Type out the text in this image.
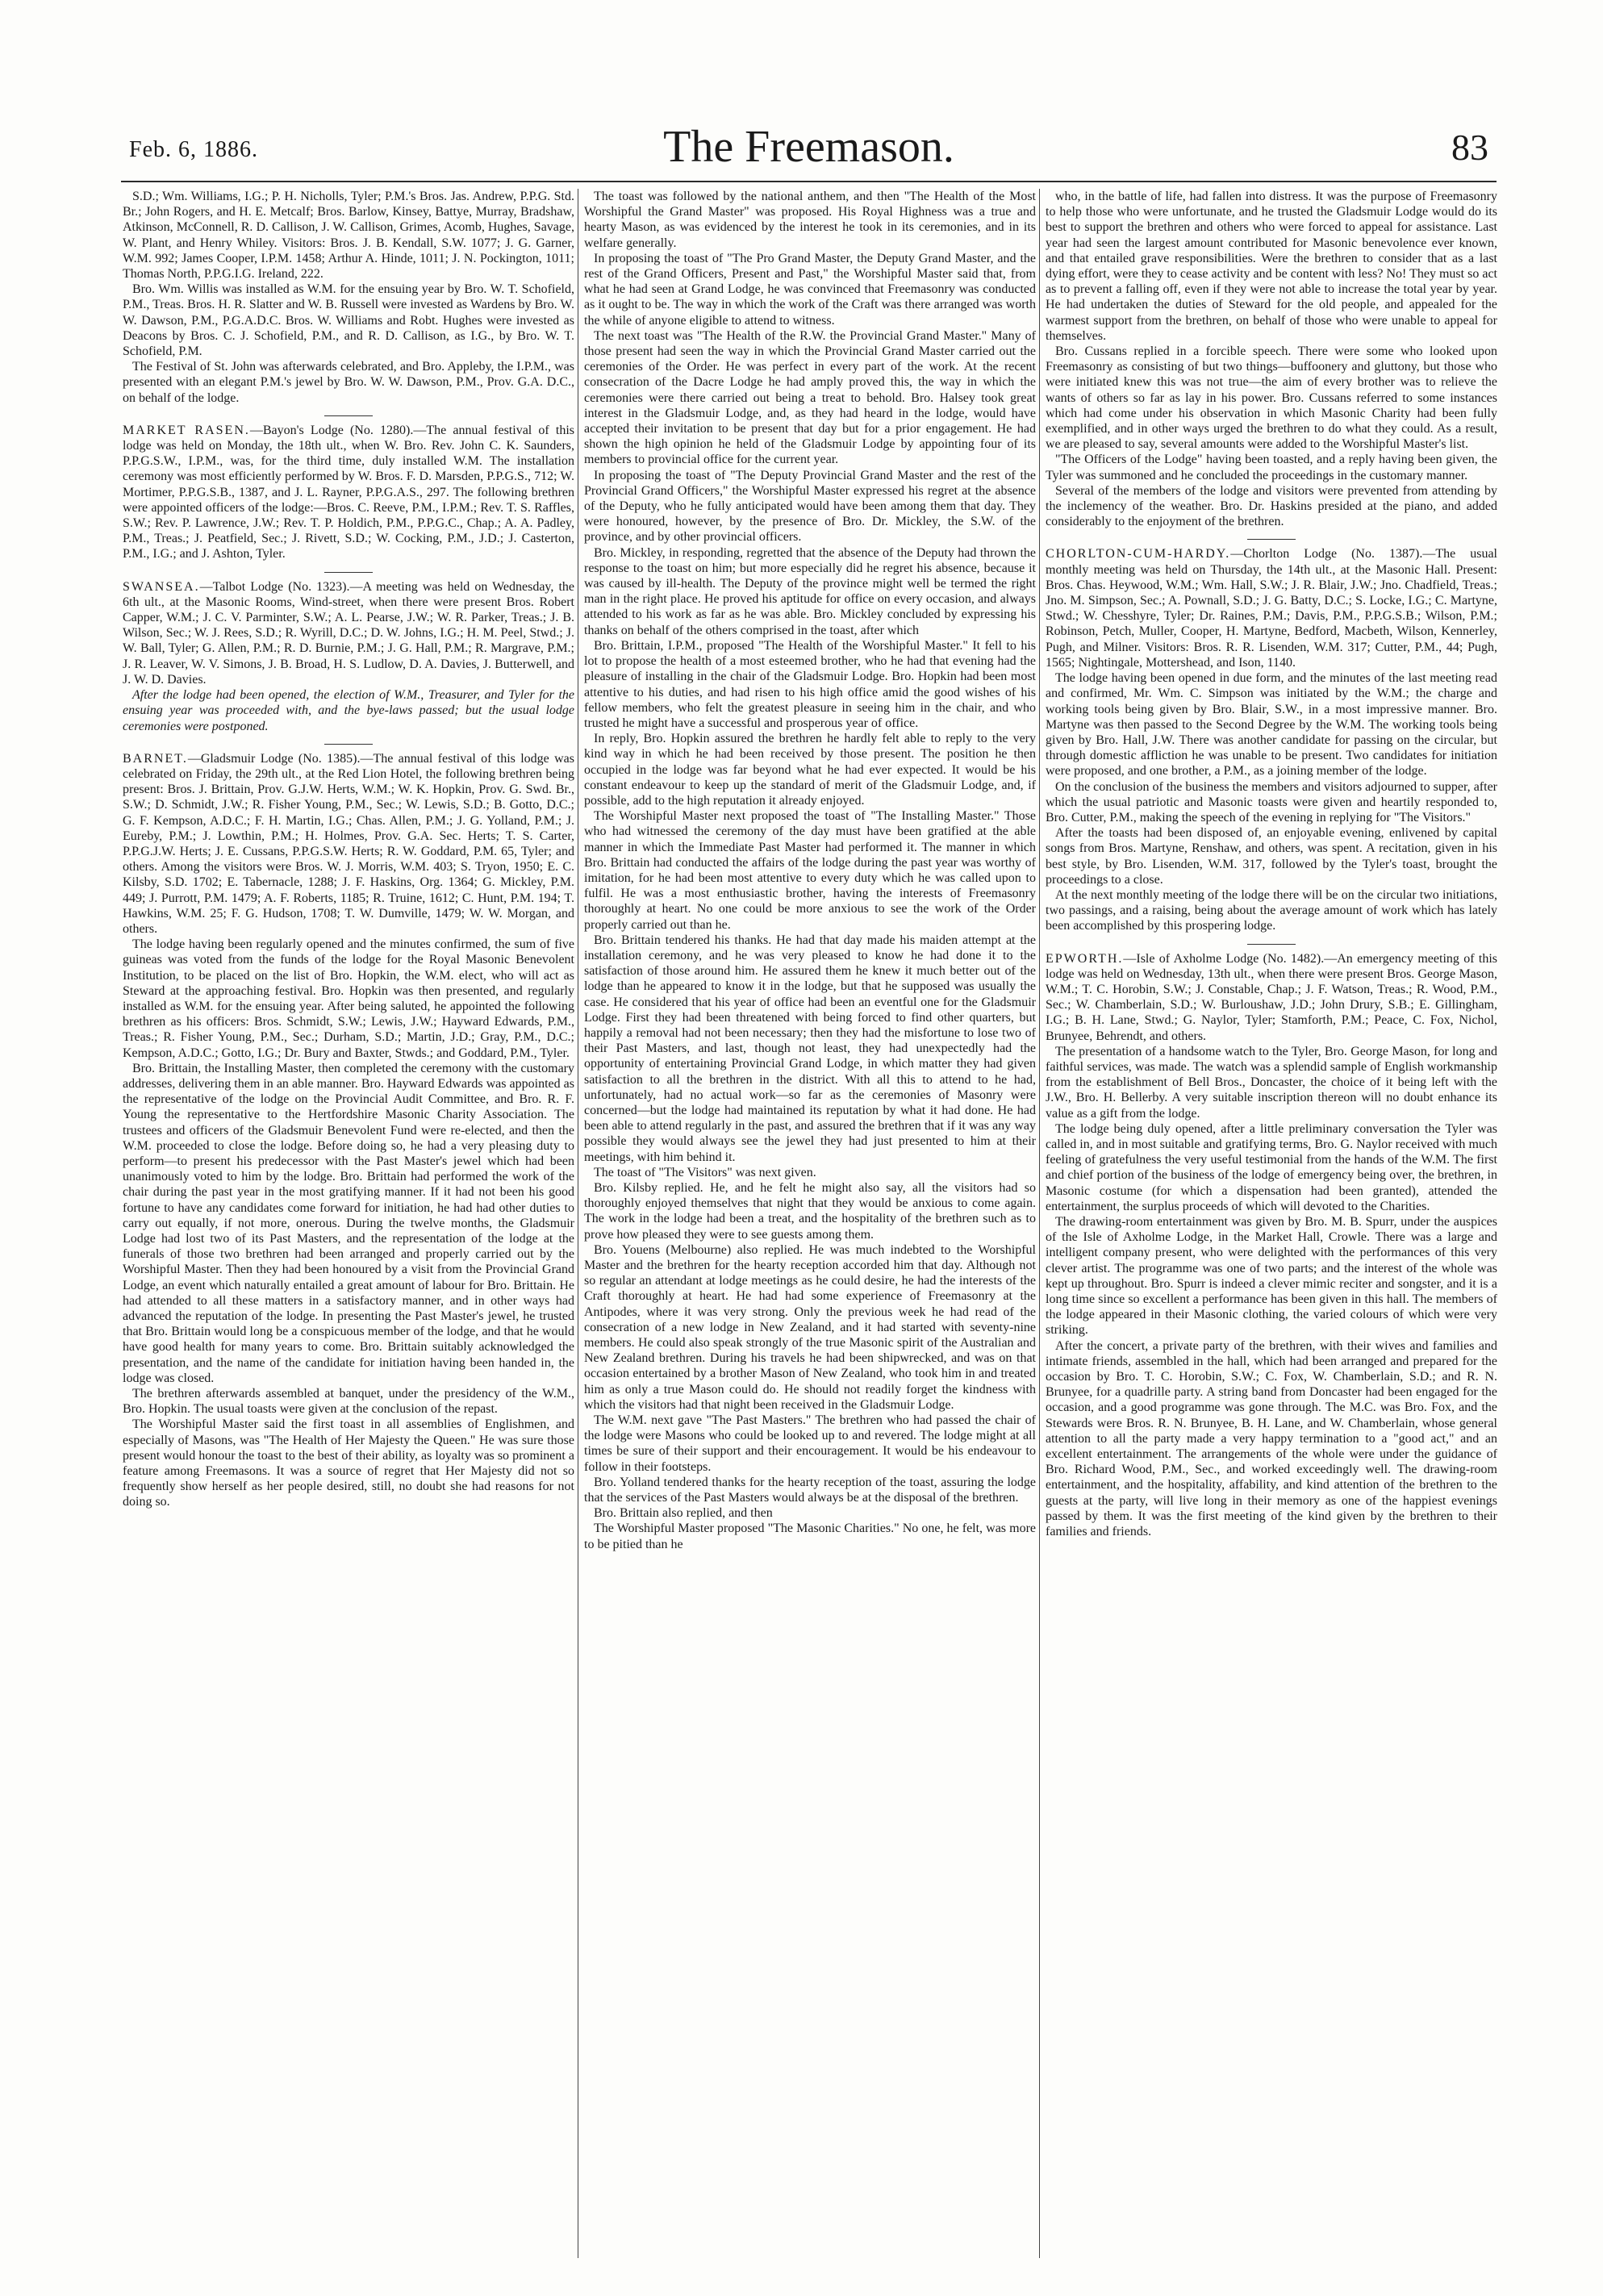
Feb. 6, 1886.	The Freemason.	83

S.D.; Wm. Williams, I.G.; P. H. Nicholls, Tyler; P.M.'s Bros. Jas. Andrew, P.P.G. Std. Br.; John Rogers, and H. E. Metcalf; Bros. Barlow, Kinsey, Battye, Murray, Bradshaw, Atkinson, McConnell, R. D. Callison, J. W. Callison, Grimes, Acomb, Hughes, Savage, W. Plant, and Henry Whiley. Visitors: Bros. J. B. Kendall, S.W. 1077; J. G. Garner, W.M. 992; James Cooper, I.P.M. 1458; Arthur A. Hinde, 1011; J. N. Pockington, 1011; Thomas North, P.P.G.I.G. Ireland, 222.

Bro. Wm. Willis was installed as W.M. for the ensuing year by Bro. W. T. Schofield, P.M., Treas. Bros. H. R. Slatter and W. B. Russell were invested as Wardens by Bro. W. W. Dawson, P.M., P.G.A.D.C. Bros. W. Williams and Robt. Hughes were invested as Deacons by Bros. C. J. Schofield, P.M., and R. D. Callison, as I.G., by Bro. W. T. Schofield, P.M.

The Festival of St. John was afterwards celebrated, and Bro. Appleby, the I.P.M., was presented with an elegant P.M.'s jewel by Bro. W. W. Dawson, P.M., Prov. G.A. D.C., on behalf of the lodge.

MARKET RASEN.—Bayon's Lodge (No. 1280).—The annual festival of this lodge was held on Monday, the 18th ult., when W. Bro. Rev. John C. K. Saunders, P.P.G.S.W., I.P.M., was, for the third time, duly installed W.M. The installation ceremony was most efficiently performed by W. Bros. F. D. Marsden, P.P.G.S., 712; W. Mortimer, P.P.G.S.B., 1387, and J. L. Rayner, P.P.G.A.S., 297. The following brethren were appointed officers of the lodge:—Bros. C. Reeve, P.M., I.P.M.; Rev. T. S. Raffles, S.W.; Rev. P. Lawrence, J.W.; Rev. T. P. Holdich, P.M., P.P.G.C., Chap.; A. A. Padley, P.M., Treas.; J. Peatfield, Sec.; J. Rivett, S.D.; W. Cocking, P.M., J.D.; J. Casterton, P.M., I.G.; and J. Ashton, Tyler.

SWANSEA.—Talbot Lodge (No. 1323).—A meeting was held on Wednesday, the 6th ult., at the Masonic Rooms, Wind-street, when there were present Bros. Robert Capper, W.M.; J. C. V. Parminter, S.W.; A. L. Pearse, J.W.; W. R. Parker, Treas.; J. B. Wilson, Sec.; W. J. Rees, S.D.; R. Wyrill, D.C.; D. W. Johns, I.G.; H. M. Peel, Stwd.; J. W. Ball, Tyler; G. Allen, P.M.; R. D. Burnie, P.M.; J. G. Hall, P.M.; R. Margrave, P.M.; J. R. Leaver, W. V. Simons, J. B. Broad, H. S. Ludlow, D. A. Davies, J. Butterwell, and J. W. D. Davies.

After the lodge had been opened, the election of W.M., Treasurer, and Tyler for the ensuing year was proceeded with, and the bye-laws passed; but the usual lodge ceremonies were postponed.

BARNET.—Gladsmuir Lodge (No. 1385).—The annual festival of this lodge was celebrated on Friday, the 29th ult., at the Red Lion Hotel, the following brethren being present: Bros. J. Brittain, Prov. G.J.W. Herts, W.M.; W. K. Hopkin, Prov. G. Swd. Br., S.W.; D. Schmidt, J.W.; R. Fisher Young, P.M., Sec.; W. Lewis, S.D.; B. Gotto, D.C.; G. F. Kempson, A.D.C.; F. H. Martin, I.G.; Chas. Allen, P.M.; J. G. Yolland, P.M.; J. Eureby, P.M.; J. Lowthin, P.M.; H. Holmes, Prov. G.A. Sec. Herts; T. S. Carter, P.P.G.J.W. Herts; J. E. Cussans, P.P.G.S.W. Herts; R. W. Goddard, P.M. 65, Tyler; and others. Among the visitors were Bros. W. J. Morris, W.M. 403; S. Tryon, 1950; E. C. Kilsby, S.D. 1702; E. Tabernacle, 1288; J. F. Haskins, Org. 1364; G. Mickley, P.M. 449; J. Purrott, P.M. 1479; A. F. Roberts, 1185; R. Truine, 1612; C. Hunt, P.M. 194; T. Hawkins, W.M. 25; F. G. Hudson, 1708; T. W. Dumville, 1479; W. W. Morgan, and others.

The lodge having been regularly opened and the minutes confirmed, the sum of five guineas was voted from the funds of the lodge for the Royal Masonic Benevolent Institution, to be placed on the list of Bro. Hopkin, the W.M. elect, who will act as Steward at the approaching festival. Bro. Hopkin was then presented, and regularly installed as W.M. for the ensuing year. After being saluted, he appointed the following brethren as his officers: Bros. Schmidt, S.W.; Lewis, J.W.; Hayward Edwards, P.M., Treas.; R. Fisher Young, P.M., Sec.; Durham, S.D.; Martin, J.D.; Gray, P.M., D.C.; Kempson, A.D.C.; Gotto, I.G.; Dr. Bury and Baxter, Stwds.; and Goddard, P.M., Tyler.

Bro. Brittain, the Installing Master, then completed the ceremony with the customary addresses, delivering them in an able manner. Bro. Hayward Edwards was appointed as the representative of the lodge on the Provincial Audit Committee, and Bro. R. F. Young the representative to the Hertfordshire Masonic Charity Association. The trustees and officers of the Gladsmuir Benevolent Fund were re-elected, and then the W.M. proceeded to close the lodge. Before doing so, he had a very pleasing duty to perform—to present his predecessor with the Past Master's jewel which had been unanimously voted to him by the lodge. Bro. Brittain had performed the work of the chair during the past year in the most gratifying manner. If it had not been his good fortune to have any candidates come forward for initiation, he had had other duties to carry out equally, if not more, onerous. During the twelve months, the Gladsmuir Lodge had lost two of its Past Masters, and the representation of the lodge at the funerals of those two brethren had been arranged and properly carried out by the Worshipful Master. Then they had been honoured by a visit from the Provincial Grand Lodge, an event which naturally entailed a great amount of labour for Bro. Brittain. He had attended to all these matters in a satisfactory manner, and in other ways had advanced the reputation of the lodge. In presenting the Past Master's jewel, he trusted that Bro. Brittain would long be a conspicuous member of the lodge, and that he would have good health for many years to come. Bro. Brittain suitably acknowledged the presentation, and the name of the candidate for initiation having been handed in, the lodge was closed.

The brethren afterwards assembled at banquet, under the presidency of the W.M., Bro. Hopkin. The usual toasts were given at the conclusion of the repast.

The Worshipful Master said the first toast in all assemblies of Englishmen, and especially of Masons, was "The Health of Her Majesty the Queen." He was sure those present would honour the toast to the best of their ability, as loyalty was so prominent a feature among Freemasons. It was a source of regret that Her Majesty did not so frequently show herself as her people desired, still, no doubt she had reasons for not doing so.

The toast was followed by the national anthem, and then "The Health of the Most Worshipful the Grand Master" was proposed. His Royal Highness was a true and hearty Mason, as was evidenced by the interest he took in its ceremonies, and in its welfare generally.

In proposing the toast of "The Pro Grand Master, the Deputy Grand Master, and the rest of the Grand Officers, Present and Past," the Worshipful Master said that, from what he had seen at Grand Lodge, he was convinced that Freemasonry was conducted as it ought to be. The way in which the work of the Craft was there arranged was worth the while of anyone eligible to attend to witness.

The next toast was "The Health of the R.W. the Provincial Grand Master." Many of those present had seen the way in which the Provincial Grand Master carried out the ceremonies of the Order. He was perfect in every part of the work. At the recent consecration of the Dacre Lodge he had amply proved this, the way in which the ceremonies were there carried out being a treat to behold. Bro. Halsey took great interest in the Gladsmuir Lodge, and, as they had heard in the lodge, would have accepted their invitation to be present that day but for a prior engagement. He had shown the high opinion he held of the Gladsmuir Lodge by appointing four of its members to provincial office for the current year.

In proposing the toast of "The Deputy Provincial Grand Master and the rest of the Provincial Grand Officers," the Worshipful Master expressed his regret at the absence of the Deputy, who he fully anticipated would have been among them that day. They were honoured, however, by the presence of Bro. Dr. Mickley, the S.W. of the province, and by other provincial officers.

Bro. Mickley, in responding, regretted that the absence of the Deputy had thrown the response to the toast on him; but more especially did he regret his absence, because it was caused by ill-health. The Deputy of the province might well be termed the right man in the right place. He proved his aptitude for office on every occasion, and always attended to his work as far as he was able. Bro. Mickley concluded by expressing his thanks on behalf of the others comprised in the toast, after which

Bro. Brittain, I.P.M., proposed "The Health of the Worshipful Master." It fell to his lot to propose the health of a most esteemed brother, who he had that evening had the pleasure of installing in the chair of the Gladsmuir Lodge. Bro. Hopkin had been most attentive to his duties, and had risen to his high office amid the good wishes of his fellow members, who felt the greatest pleasure in seeing him in the chair, and who trusted he might have a successful and prosperous year of office.

In reply, Bro. Hopkin assured the brethren he hardly felt able to reply to the very kind way in which he had been received by those present. The position he then occupied in the lodge was far beyond what he had ever expected. It would be his constant endeavour to keep up the standard of merit of the Gladsmuir Lodge, and, if possible, add to the high reputation it already enjoyed.

The Worshipful Master next proposed the toast of "The Installing Master." Those who had witnessed the ceremony of the day must have been gratified at the able manner in which the Immediate Past Master had performed it. The manner in which Bro. Brittain had conducted the affairs of the lodge during the past year was worthy of imitation, for he had been most attentive to every duty which he was called upon to fulfil. He was a most enthusiastic brother, having the interests of Freemasonry thoroughly at heart. No one could be more anxious to see the work of the Order properly carried out than he.

Bro. Brittain tendered his thanks. He had that day made his maiden attempt at the installation ceremony, and he was very pleased to know he had done it to the satisfaction of those around him. He assured them he knew it much better out of the lodge than he appeared to know it in the lodge, but that he supposed was usually the case. He considered that his year of office had been an eventful one for the Gladsmuir Lodge. First they had been threatened with being forced to find other quarters, but happily a removal had not been necessary; then they had the misfortune to lose two of their Past Masters, and last, though not least, they had unexpectedly had the opportunity of entertaining Provincial Grand Lodge, in which matter they had given satisfaction to all the brethren in the district. With all this to attend to he had, unfortunately, had no actual work—so far as the ceremonies of Masonry were concerned—but the lodge had maintained its reputation by what it had done. He had been able to attend regularly in the past, and assured the brethren that if it was any way possible they would always see the jewel they had just presented to him at their meetings, with him behind it.

The toast of "The Visitors" was next given.

Bro. Kilsby replied. He, and he felt he might also say, all the visitors had so thoroughly enjoyed themselves that night that they would be anxious to come again. The work in the lodge had been a treat, and the hospitality of the brethren such as to prove how pleased they were to see guests among them.

Bro. Youens (Melbourne) also replied. He was much indebted to the Worshipful Master and the brethren for the hearty reception accorded him that day. Although not so regular an attendant at lodge meetings as he could desire, he had the interests of the Craft thoroughly at heart. He had had some experience of Freemasonry at the Antipodes, where it was very strong. Only the previous week he had read of the consecration of a new lodge in New Zealand, and it had started with seventy-nine members. He could also speak strongly of the true Masonic spirit of the Australian and New Zealand brethren. During his travels he had been shipwrecked, and was on that occasion entertained by a brother Mason of New Zealand, who took him in and treated him as only a true Mason could do. He should not readily forget the kindness with which the visitors had that night been received in the Gladsmuir Lodge.

The W.M. next gave "The Past Masters." The brethren who had passed the chair of the lodge were Masons who could be looked up to and revered. The lodge might at all times be sure of their support and their encouragement. It would be his endeavour to follow in their footsteps.

Bro. Yolland tendered thanks for the hearty reception of the toast, assuring the lodge that the services of the Past Masters would always be at the disposal of the brethren.

Bro. Brittain also replied, and then

The Worshipful Master proposed "The Masonic Charities." No one, he felt, was more to be pitied than he

who, in the battle of life, had fallen into distress. It was the purpose of Freemasonry to help those who were unfortunate, and he trusted the Gladsmuir Lodge would do its best to support the brethren and others who were forced to appeal for assistance. Last year had seen the largest amount contributed for Masonic benevolence ever known, and that entailed grave responsibilities. Were the brethren to consider that as a last dying effort, were they to cease activity and be content with less? No! They must so act as to prevent a falling off, even if they were not able to increase the total year by year. He had undertaken the duties of Steward for the old people, and appealed for the warmest support from the brethren, on behalf of those who were unable to appeal for themselves.

Bro. Cussans replied in a forcible speech. There were some who looked upon Freemasonry as consisting of but two things—buffoonery and gluttony, but those who were initiated knew this was not true—the aim of every brother was to relieve the wants of others so far as lay in his power. Bro. Cussans referred to some instances which had come under his observation in which Masonic Charity had been fully exemplified, and in other ways urged the brethren to do what they could. As a result, we are pleased to say, several amounts were added to the Worshipful Master's list.

"The Officers of the Lodge" having been toasted, and a reply having been given, the Tyler was summoned and he concluded the proceedings in the customary manner.

Several of the members of the lodge and visitors were prevented from attending by the inclemency of the weather. Bro. Dr. Haskins presided at the piano, and added considerably to the enjoyment of the brethren.

CHORLTON-CUM-HARDY.—Chorlton Lodge (No. 1387).—The usual monthly meeting was held on Thursday, the 14th ult., at the Masonic Hall. Present: Bros. Chas. Heywood, W.M.; Wm. Hall, S.W.; J. R. Blair, J.W.; Jno. Chadfield, Treas.; Jno. M. Simpson, Sec.; A. Pownall, S.D.; J. G. Batty, D.C.; S. Locke, I.G.; C. Martyne, Stwd.; W. Chesshyre, Tyler; Dr. Raines, P.M.; Davis, P.M., P.P.G.S.B.; Wilson, P.M.; Robinson, Petch, Muller, Cooper, H. Martyne, Bedford, Macbeth, Wilson, Kennerley, Pugh, and Milner. Visitors: Bros. R. R. Lisenden, W.M. 317; Cutter, P.M., 44; Pugh, 1565; Nightingale, Mottershead, and Ison, 1140.

The lodge having been opened in due form, and the minutes of the last meeting read and confirmed, Mr. Wm. C. Simpson was initiated by the W.M.; the charge and working tools being given by Bro. Blair, S.W., in a most impressive manner. Bro. Martyne was then passed to the Second Degree by the W.M. The working tools being given by Bro. Hall, J.W. There was another candidate for passing on the circular, but through domestic affliction he was unable to be present. Two candidates for initiation were proposed, and one brother, a P.M., as a joining member of the lodge.

On the conclusion of the business the members and visitors adjourned to supper, after which the usual patriotic and Masonic toasts were given and heartily responded to, Bro. Cutter, P.M., making the speech of the evening in replying for "The Visitors."

After the toasts had been disposed of, an enjoyable evening, enlivened by capital songs from Bros. Martyne, Renshaw, and others, was spent. A recitation, given in his best style, by Bro. Lisenden, W.M. 317, followed by the Tyler's toast, brought the proceedings to a close.

At the next monthly meeting of the lodge there will be on the circular two initiations, two passings, and a raising, being about the average amount of work which has lately been accomplished by this prospering lodge.

EPWORTH.—Isle of Axholme Lodge (No. 1482).—An emergency meeting of this lodge was held on Wednesday, 13th ult., when there were present Bros. George Mason, W.M.; T. C. Horobin, S.W.; J. Constable, Chap.; J. F. Watson, Treas.; R. Wood, P.M., Sec.; W. Chamberlain, S.D.; W. Burloushaw, J.D.; John Drury, S.B.; E. Gillingham, I.G.; B. H. Lane, Stwd.; G. Naylor, Tyler; Stamforth, P.M.; Peace, C. Fox, Nichol, Brunyee, Behrendt, and others.

The presentation of a handsome watch to the Tyler, Bro. George Mason, for long and faithful services, was made. The watch was a splendid sample of English workmanship from the establishment of Bell Bros., Doncaster, the choice of it being left with the J.W., Bro. H. Bellerby. A very suitable inscription thereon will no doubt enhance its value as a gift from the lodge.

The lodge being duly opened, after a little preliminary conversation the Tyler was called in, and in most suitable and gratifying terms, Bro. G. Naylor received with much feeling of gratefulness the very useful testimonial from the hands of the W.M. The first and chief portion of the business of the lodge of emergency being over, the brethren, in Masonic costume (for which a dispensation had been granted), attended the entertainment, the surplus proceeds of which will devoted to the Charities.

The drawing-room entertainment was given by Bro. M. B. Spurr, under the auspices of the Isle of Axholme Lodge, in the Market Hall, Crowle. There was a large and intelligent company present, who were delighted with the performances of this very clever artist. The programme was one of two parts; and the interest of the whole was kept up throughout. Bro. Spurr is indeed a clever mimic reciter and songster, and it is a long time since so excellent a performance has been given in this hall. The members of the lodge appeared in their Masonic clothing, the varied colours of which were very striking.

After the concert, a private party of the brethren, with their wives and families and intimate friends, assembled in the hall, which had been arranged and prepared for the occasion by Bro. T. C. Horobin, S.W.; C. Fox, W. Chamberlain, S.D.; and R. N. Brunyee, for a quadrille party. A string band from Doncaster had been engaged for the occasion, and a good programme was gone through. The M.C. was Bro. Fox, and the Stewards were Bros. R. N. Brunyee, B. H. Lane, and W. Chamberlain, whose general attention to all the party made a very happy termination to a "good act," and an excellent entertainment. The arrangements of the whole were under the guidance of Bro. Richard Wood, P.M., Sec., and worked exceedingly well. The drawing-room entertainment, and the hospitality, affability, and kind attention of the brethren to the guests at the party, will live long in their memory as one of the happiest evenings passed by them. It was the first meeting of the kind given by the brethren to their families and friends.
